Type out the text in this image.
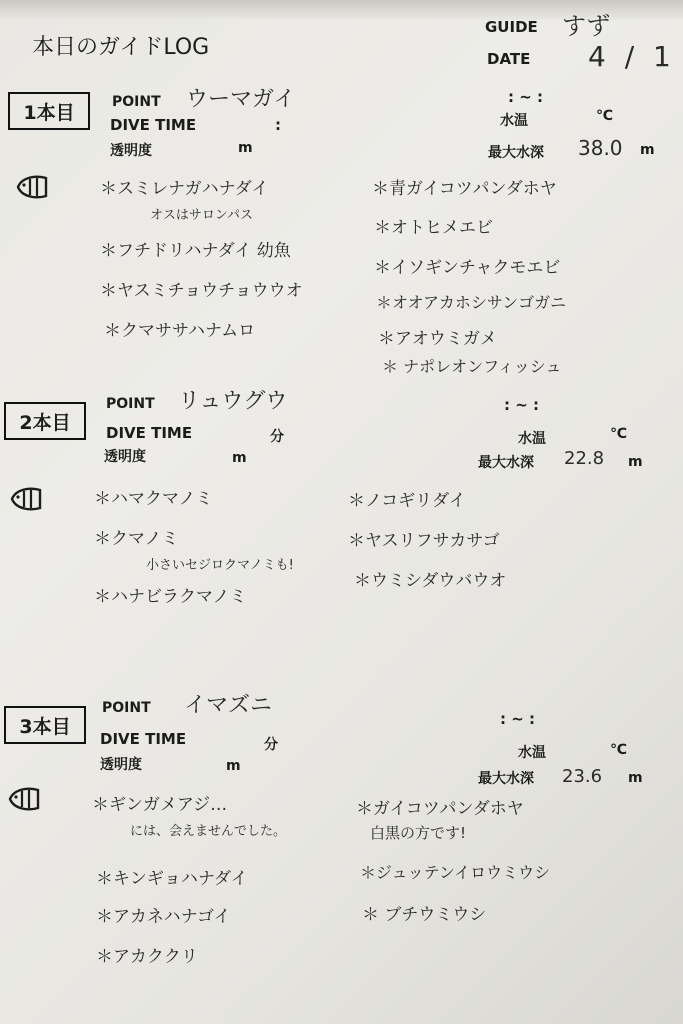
本日のガイドLOG
GUIDE すず
DATE 4 / 1
1本目	POINT ウーマガイ
DIVE TIME	:
透明度	m
: ~ :
水温	℃
最大水深 38.0 m
＊スミレナガハナダイ
オスはサロンパス
＊フチドリハナダイ 幼魚
＊ヤスミチョウチョウウオ
＊クマササハナムロ
＊青ガイコツパンダホヤ
＊オトヒメエビ
＊イソギンチャクモエビ
＊オオアカホシサンゴガニ
＊アオウミガメ
＊ ナポレオンフィッシュ
2本目
POINT リュウグウ
DIVE TIME	分
透明度	m
: ~ :
水温	℃
最大水深 22.8 m
＊ハマクマノミ
＊クマノミ
小さいセジロクマノミも!
＊ハナビラクマノミ
＊ノコギリダイ
＊ヤスリフサカサゴ
＊ウミシダウバウオ
3本目
POINT イマズニ
DIVE TIME	分
透明度	m
: ~ :
水温	℃
最大水深 23.6 m
＊ギンガメアジ…
には、会えませんでした。
＊キンギョハナダイ
＊アカネハナゴイ
＊アカククリ
＊ガイコツパンダホヤ
白黒の方です!
＊ジュッテンイロウミウシ
＊ ブチウミウシ
